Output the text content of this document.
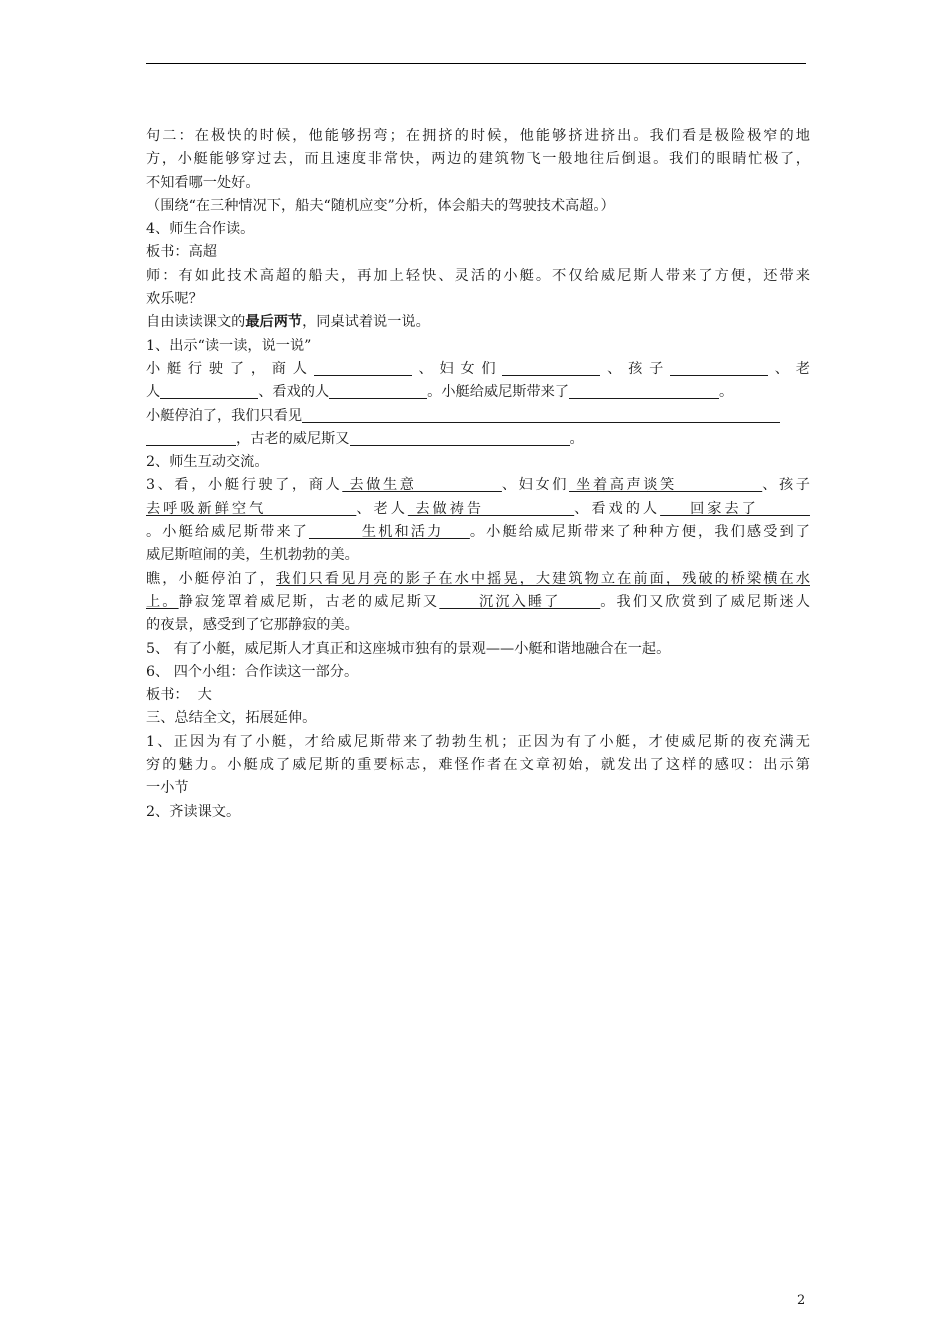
句二：在极快的时候，他能够拐弯；在拥挤的时候，他能够挤进挤出。我们看是极险极窄的地
方，小艇能够穿过去，而且速度非常快，两边的建筑物飞一般地往后倒退。我们的眼睛忙极了，
不知看哪一处好。
（围绕“在三种情况下，船夫“随机应变”分析，体会船夫的驾驶技术高超。）
4、师生合作读。
板书：高超
师：有如此技术高超的船夫，再加上轻快、灵活的小艇。不仅给威尼斯人带来了方便，还带来
欢乐呢？
自由读读课文的最后两节，同桌试着说一说。
1、出示“读一读，说一说”
小艇行驶了，商人	、妇女们	、孩子	、老
人	、看戏的人	。小艇给威尼斯带来了	。
小艇停泊了，我们只看见
，古老的威尼斯又	。
2、师生互动交流。
3、看，小艇行驶了，商人 去做生意            、妇女们 坐着高声谈笑            、孩子
去呼吸新鲜空气            、老人 去做祷告            、看戏的人    回家去了
。小艇给威尼斯带来了        生机和活力    。小艇给威尼斯带来了种种方便，我们感受到了
威尼斯喧闹的美，生机勃勃的美。
瞧，小艇停泊了，我们只看见月亮的影子在水中摇晃，大建筑物立在前面，残破的桥梁横在水
上。静寂笼罩着威尼斯，古老的威尼斯又      沉沉入睡了      。我们又欣赏到了威尼斯迷人
的夜景，感受到了它那静寂的美。
5、 有了小艇，威尼斯人才真正和这座城市独有的景观——小艇和谐地融合在一起。
6、 四个小组：合作读这一部分。
板书：  大
三、总结全文，拓展延伸。
1、正因为有了小艇，才给威尼斯带来了勃勃生机；正因为有了小艇，才使威尼斯的夜充满无
穷的魅力。小艇成了威尼斯的重要标志，难怪作者在文章初始，就发出了这样的感叹：出示第
一小节
2、齐读课文。
2
